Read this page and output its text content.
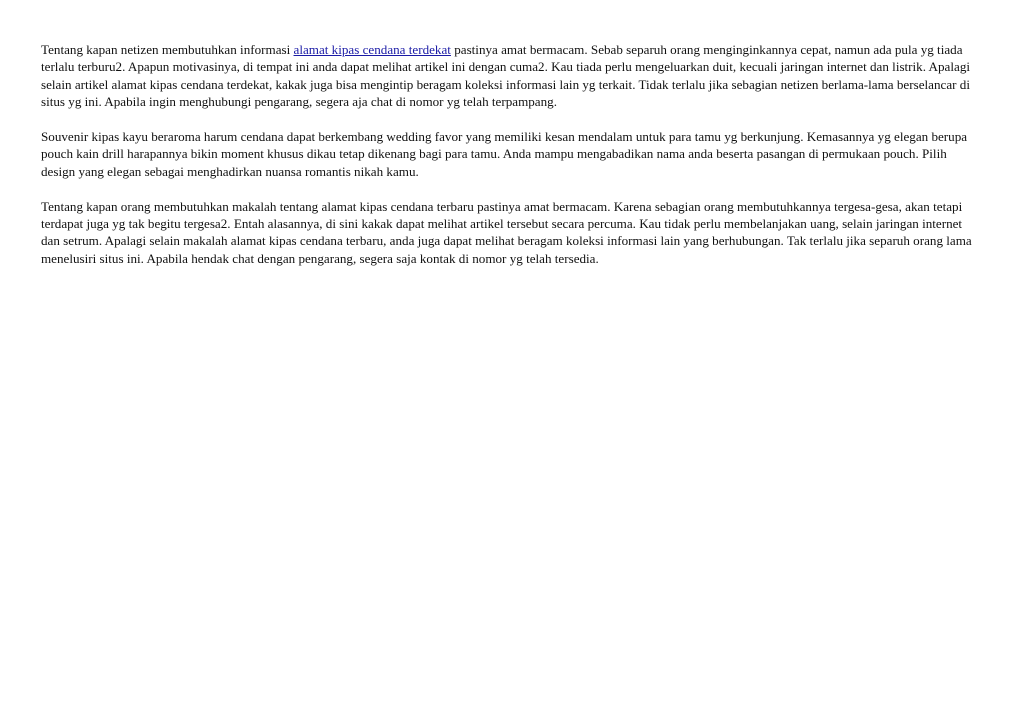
Tentang kapan netizen membutuhkan informasi alamat kipas cendana terdekat pastinya amat bermacam. Sebab separuh orang menginginkannya cepat, namun ada pula yg tiada terlalu terburu2. Apapun motivasinya, di tempat ini anda dapat melihat artikel ini dengan cuma2. Kau tiada perlu mengeluarkan duit, kecuali jaringan internet dan listrik. Apalagi selain artikel alamat kipas cendana terdekat, kakak juga bisa mengintip beragam koleksi informasi lain yg terkait. Tidak terlalu jika sebagian netizen berlama-lama berselancar di situs yg ini. Apabila ingin menghubungi pengarang, segera aja chat di nomor yg telah terpampang.

Souvenir kipas kayu beraroma harum cendana dapat berkembang wedding favor yang memiliki kesan mendalam untuk para tamu yg berkunjung. Kemasannya yg elegan berupa pouch kain drill harapannya bikin moment khusus dikau tetap dikenang bagi para tamu. Anda mampu mengabadikan nama anda beserta pasangan di permukaan pouch. Pilih design yang elegan sebagai menghadirkan nuansa romantis nikah kamu.

Tentang kapan orang membutuhkan makalah tentang alamat kipas cendana terbaru pastinya amat bermacam. Karena sebagian orang membutuhkannya tergesa-gesa, akan tetapi terdapat juga yg tak begitu tergesa2. Entah alasannya, di sini kakak dapat melihat artikel tersebut secara percuma. Kau tidak perlu membelanjakan uang, selain jaringan internet dan setrum. Apalagi selain makalah alamat kipas cendana terbaru, anda juga dapat melihat beragam koleksi informasi lain yang berhubungan. Tak terlalu jika separuh orang lama menelusiri situs ini. Apabila hendak chat dengan pengarang, segera saja kontak di nomor yg telah tersedia.
